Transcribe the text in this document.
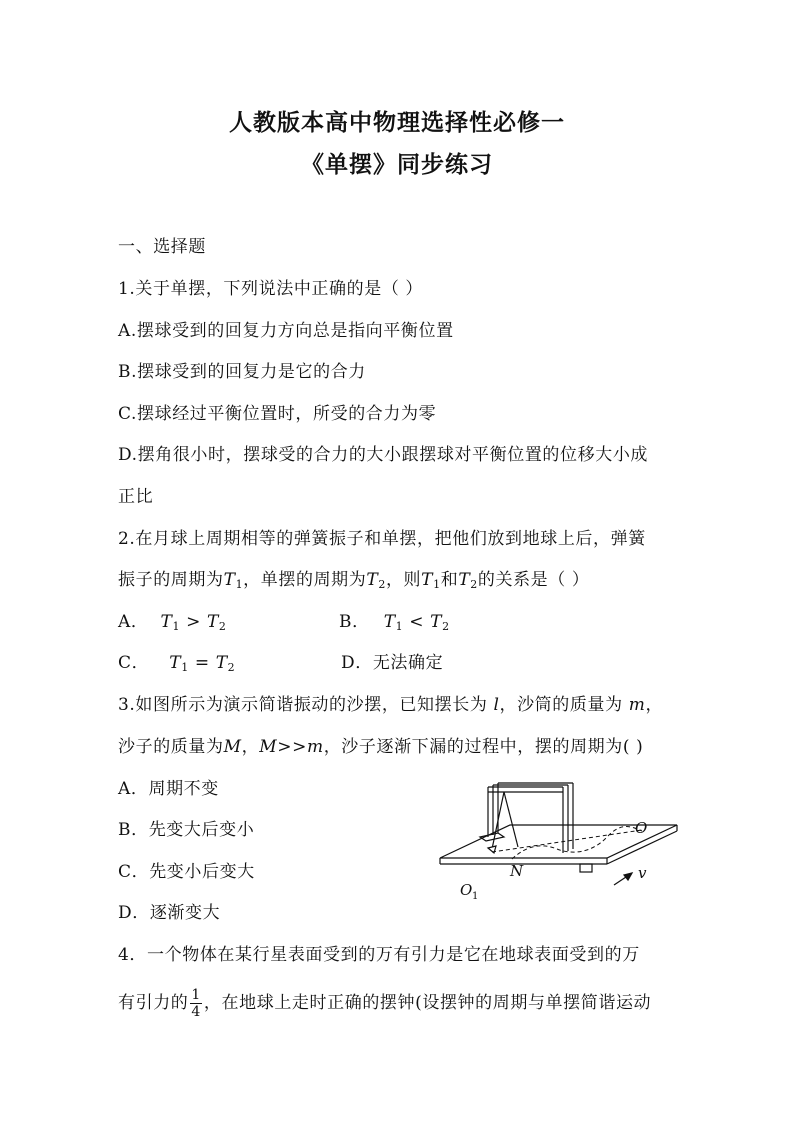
人教版本高中物理选择性必修一
《单摆》同步练习
一、选择题
1.关于单摆，下列说法中正确的是（ ）
A.摆球受到的回复力方向总是指向平衡位置
B.摆球受到的回复力是它的合力
C.摆球经过平衡位置时，所受的合力为零
D.摆角很小时，摆球受的合力的大小跟摆球对平衡位置的位移大小成
正比
2.在月球上周期相等的弹簧振子和单摆，把他们放到地球上后，弹簧
振子的周期为$T_1$，单摆的周期为$T_2$，则$T_1$和$T_2$的关系是（ ）
A． $T_1 > T_2$	B． $T_1 < T_2$
C． $T_1 = T_2$	D．无法确定
3.如图所示为演示简谐振动的沙摆，已知摆长为 l，沙筒的质量为 m，
沙子的质量为M，M>>m，沙子逐渐下漏的过程中，摆的周期为( )
A．周期不变
B．先变大后变小
C．先变小后变大
D．逐渐变大
O
N
O 1
v
4．一个物体在某行星表面受到的万有引力是它在地球表面受到的万
有引力的 $\frac{1}{4}$ ，在地球上走时正确的摆钟(设摆钟的周期与单摆简谐运动
